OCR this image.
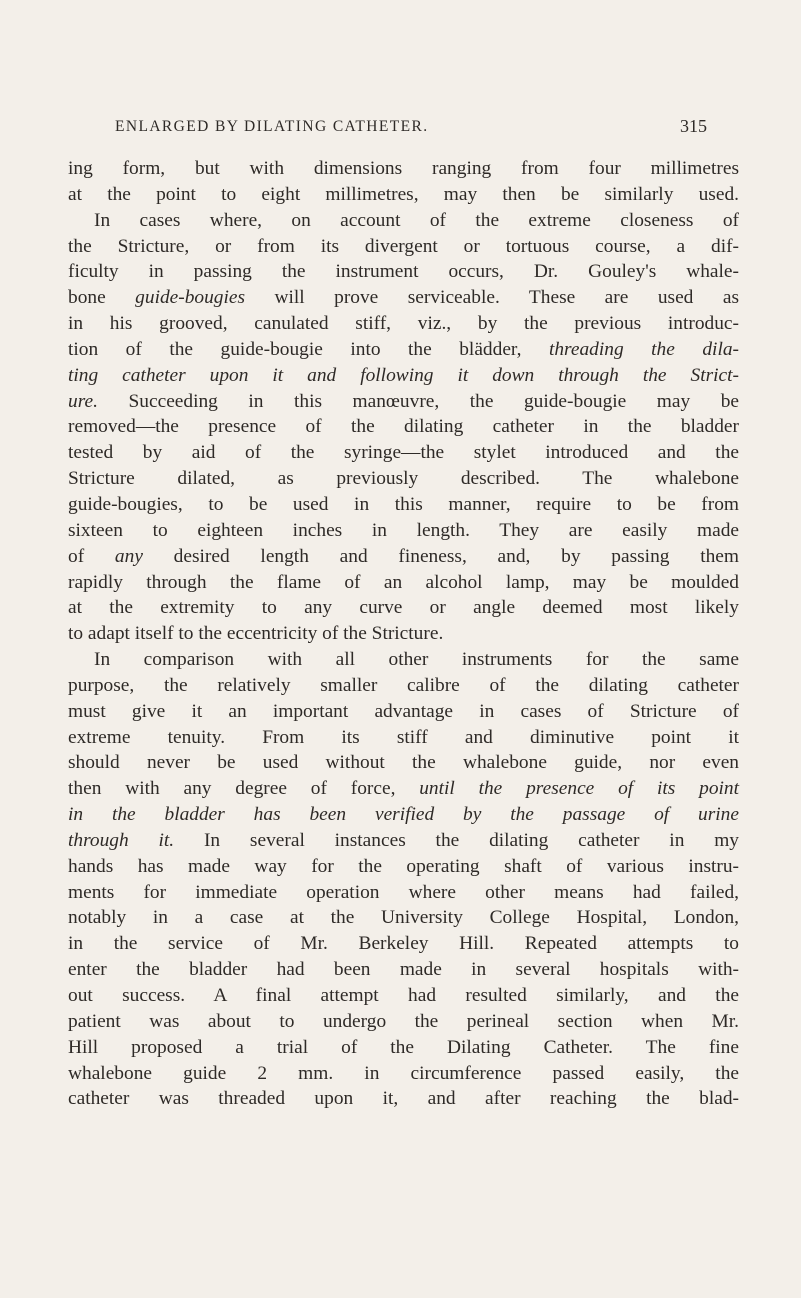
ENLARGED BY DILATING CATHETER.	315
ing form, but with dimensions ranging from four millimetres
at the point to eight millimetres, may then be similarly used.
In cases where, on account of the extreme closeness of
the Stricture, or from its divergent or tortuous course, a dif-
ficulty in passing the instrument occurs, Dr. Gouley's whale-
bone guide-bougies will prove serviceable. These are used as
in his grooved, canulated stiff, viz., by the previous introduc-
tion of the guide-bougie into the blädder, threading the dila-
ting catheter upon it and following it down through the Strict-
ure. Succeeding in this manœuvre, the guide-bougie may be
removed—the presence of the dilating catheter in the bladder
tested by aid of the syringe—the stylet introduced and the
Stricture dilated, as previously described. The whalebone
guide-bougies, to be used in this manner, require to be from
sixteen to eighteen inches in length. They are easily made
of any desired length and fineness, and, by passing them
rapidly through the flame of an alcohol lamp, may be moulded
at the extremity to any curve or angle deemed most likely
to adapt itself to the eccentricity of the Stricture.
In comparison with all other instruments for the same
purpose, the relatively smaller calibre of the dilating catheter
must give it an important advantage in cases of Stricture of
extreme tenuity. From its stiff and diminutive point it
should never be used without the whalebone guide, nor even
then with any degree of force, until the presence of its point
in the bladder has been verified by the passage of urine
through it. In several instances the dilating catheter in my
hands has made way for the operating shaft of various instru-
ments for immediate operation where other means had failed,
notably in a case at the University College Hospital, London,
in the service of Mr. Berkeley Hill. Repeated attempts to
enter the bladder had been made in several hospitals with-
out success. A final attempt had resulted similarly, and the
patient was about to undergo the perineal section when Mr.
Hill proposed a trial of the Dilating Catheter. The fine
whalebone guide 2 mm. in circumference passed easily, the
catheter was threaded upon it, and after reaching the blad-
